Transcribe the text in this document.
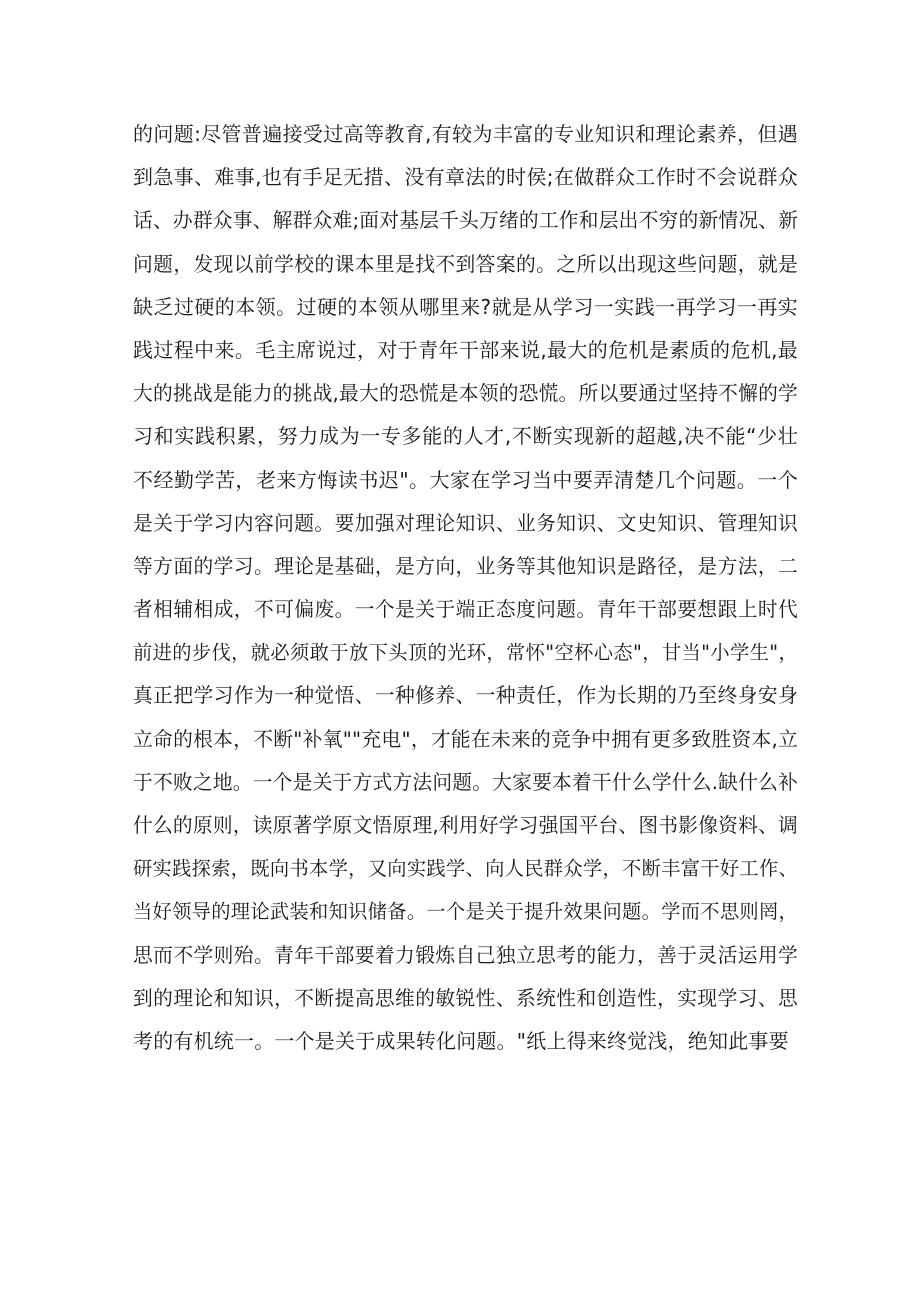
的问题:尽管普遍接受过高等教育,有较为丰富的专业知识和理论素养，但遇
到急事、难事,也有手足无措、没有章法的时侯;在做群众工作时不会说群众
话、办群众事、解群众难;面对基层千头万绪的工作和层出不穷的新情况、新
问题，发现以前学校的课本里是找不到答案的。之所以出现这些问题，就是
缺乏过硬的本领。过硬的本领从哪里来?就是从学习一实践一再学习一再实
践过程中来。毛主席说过，对于青年干部来说,最大的危机是素质的危机,最
大的挑战是能力的挑战,最大的恐慌是本领的恐慌。所以要通过坚持不懈的学
习和实践积累，努力成为一专多能的人才,不断实现新的超越,决不能“少壮
不经勤学苦，老来方悔读书迟"。大家在学习当中要弄清楚几个问题。一个
是关于学习内容问题。要加强对理论知识、业务知识、文史知识、管理知识
等方面的学习。理论是基础，是方向，业务等其他知识是路径，是方法，二
者相辅相成，不可偏废。一个是关于端正态度问题。青年干部要想跟上时代
前进的步伐，就必须敢于放下头顶的光环，常怀"空杯心态"，甘当"小学生"，
真正把学习作为一种觉悟、一种修养、一种责任，作为长期的乃至终身安身
立命的根本，不断"补氧""充电"，才能在未来的竞争中拥有更多致胜资本,立
于不败之地。一个是关于方式方法问题。大家要本着干什么学什么.缺什么补
什么的原则，读原著学原文悟原理,利用好学习强国平台、图书影像资料、调
研实践探索，既向书本学，又向实践学、向人民群众学，不断丰富干好工作、
当好领导的理论武装和知识储备。一个是关于提升效果问题。学而不思则罔，
思而不学则殆。青年干部要着力锻炼自己独立思考的能力，善于灵活运用学
到的理论和知识，不断提高思维的敏锐性、系统性和创造性，实现学习、思
考的有机统一。一个是关于成果转化问题。"纸上得来终觉浅，绝知此事要
